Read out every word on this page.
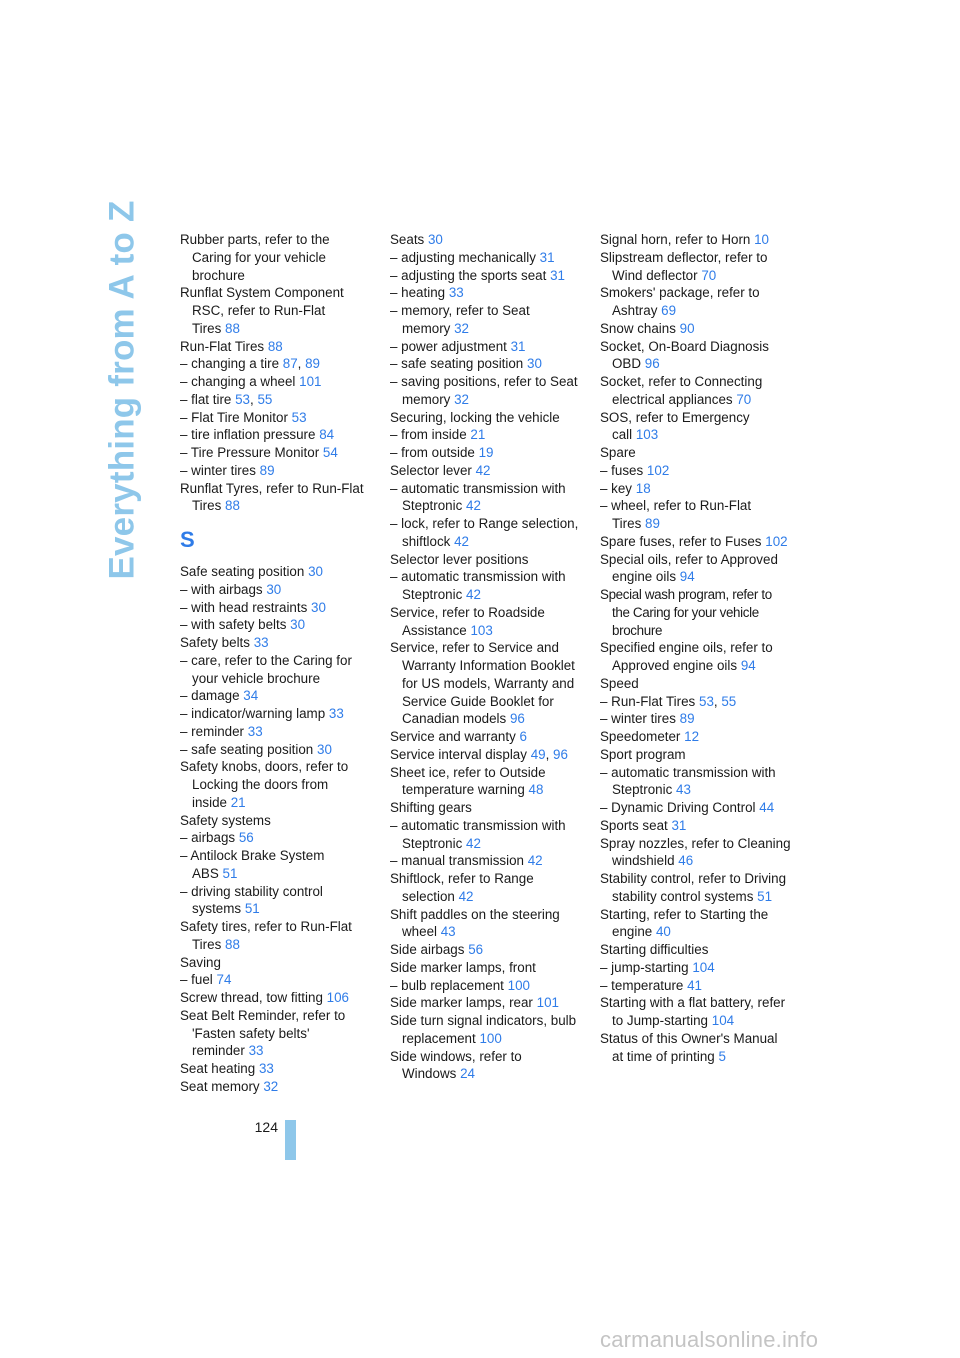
Everything from A to Z	Rubber parts, refer to the Caring for your vehicle brochure
Runflat System Component RSC, refer to Run-Flat Tires 88
Run-Flat Tires 88
– changing a tire 87, 89
– changing a wheel 101
– flat tire 53, 55
– Flat Tire Monitor 53
– tire inflation pressure 84
– Tire Pressure Monitor 54
– winter tires 89
Runflat Tyres, refer to Run-Flat Tires 88
S
Safe seating position 30
– with airbags 30
– with head restraints 30
– with safety belts 30
Safety belts 33
– care, refer to the Caring for your vehicle brochure
– damage 34
– indicator/warning lamp 33
– reminder 33
– safe seating position 30
Safety knobs, doors, refer to Locking the doors from inside 21
Safety systems
– airbags 56
– Antilock Brake System ABS 51
– driving stability control systems 51
Safety tires, refer to Run-Flat Tires 88
Saving
– fuel 74
Screw thread, tow fitting 106
Seat Belt Reminder, refer to 'Fasten safety belts' reminder 33
Seat heating 33
Seat memory 32
Seats 30
– adjusting mechanically 31
– adjusting the sports seat 31
– heating 33
– memory, refer to Seat memory 32
– power adjustment 31
– safe seating position 30
– saving positions, refer to Seat memory 32
Securing, locking the vehicle
– from inside 21
– from outside 19
Selector lever 42
– automatic transmission with Steptronic 42
– lock, refer to Range selection, shiftlock 42
Selector lever positions
– automatic transmission with Steptronic 42
Service, refer to Roadside Assistance 103
Service, refer to Service and Warranty Information Booklet for US models, Warranty and Service Guide Booklet for Canadian models 96
Service and warranty 6
Service interval display 49, 96
Sheet ice, refer to Outside temperature warning 48
Shifting gears
– automatic transmission with Steptronic 42
– manual transmission 42
Shiftlock, refer to Range selection 42
Shift paddles on the steering wheel 43
Side airbags 56
Side marker lamps, front
– bulb replacement 100
Side marker lamps, rear 101
Side turn signal indicators, bulb replacement 100
Side windows, refer to Windows 24
Signal horn, refer to Horn 10
Slipstream deflector, refer to Wind deflector 70
Smokers' package, refer to Ashtray 69
Snow chains 90
Socket, On-Board Diagnosis OBD 96
Socket, refer to Connecting electrical appliances 70
SOS, refer to Emergency call 103
Spare
– fuses 102
– key 18
– wheel, refer to Run-Flat Tires 89
Spare fuses, refer to Fuses 102
Special oils, refer to Approved engine oils 94
Special wash program, refer to the Caring for your vehicle brochure
Specified engine oils, refer to Approved engine oils 94
Speed
– Run-Flat Tires 53, 55
– winter tires 89
Speedometer 12
Sport program
– automatic transmission with Steptronic 43
– Dynamic Driving Control 44
Sports seat 31
Spray nozzles, refer to Cleaning windshield 46
Stability control, refer to Driving stability control systems 51
Starting, refer to Starting the engine 40
Starting difficulties
– jump-starting 104
– temperature 41
Starting with a flat battery, refer to Jump-starting 104
Status of this Owner's Manual at time of printing 5
124
carmanualsonline.info
